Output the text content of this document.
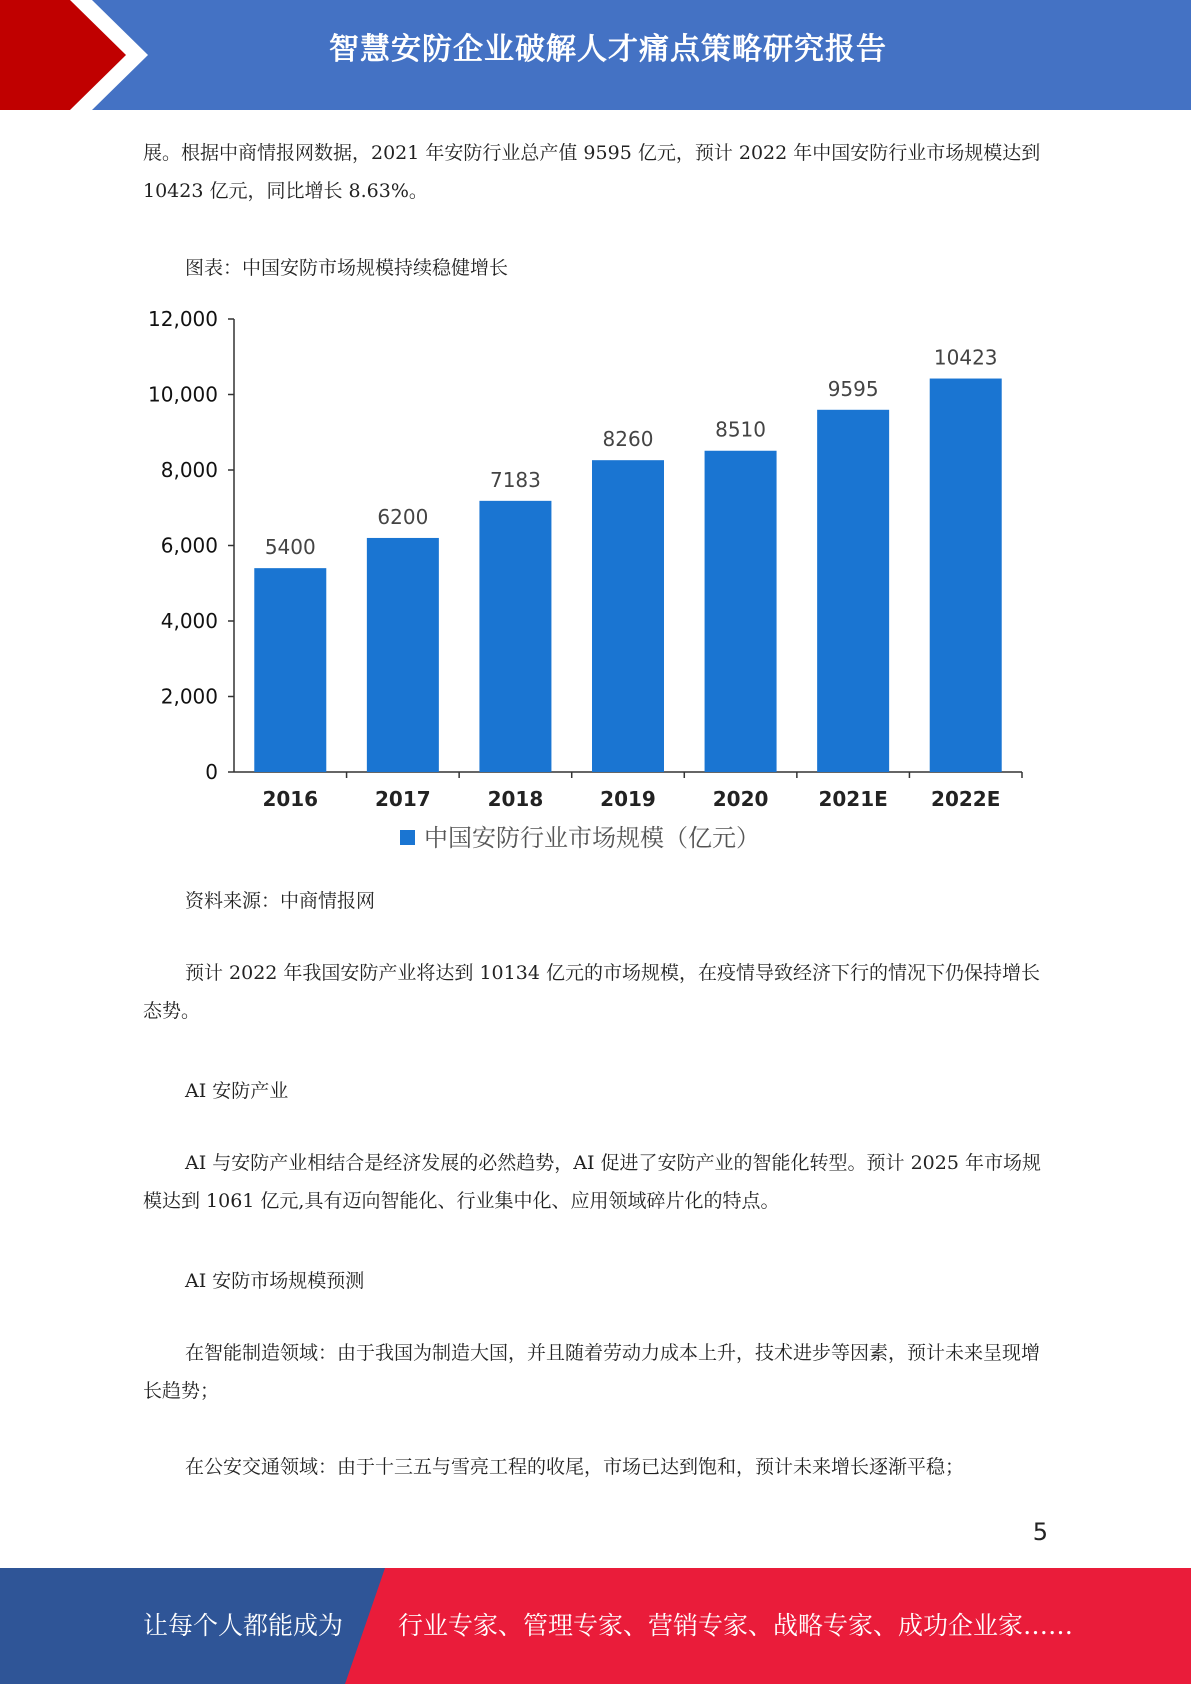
智慧安防企业破解人才痛点策略研究报告

展。根据中商情报网数据，2021 年安防行业总产值 9595 亿元，预计 2022 年中国安防行业市场规模达到 10423 亿元，同比增长 8.63%。

图表：中国安防市场规模持续稳健增长
0
2,000
4,000
6,000
8,000
10,000
12,000
5400
2016
6200
2017
7183
2018
8260
2019
8510
2020
9595
2021E
10423
2022E
中国安防行业市场规模（亿元）
资料来源：中商情报网

预计 2022 年我国安防产业将达到 10134 亿元的市场规模，在疫情导致经济下行的情况下仍保持增长态势。

AI 安防产业

AI 与安防产业相结合是经济发展的必然趋势，AI 促进了安防产业的智能化转型。预计 2025 年市场规模达到 1061 亿元,具有迈向智能化、行业集中化、应用领域碎片化的特点。

AI 安防市场规模预测

在智能制造领域：由于我国为制造大国，并且随着劳动力成本上升，技术进步等因素，预计未来呈现增长趋势；

在公安交通领域：由于十三五与雪亮工程的收尾，市场已达到饱和，预计未来增长逐渐平稳；

5
让每个人都能成为 行业专家、管理专家、营销专家、战略专家、成功企业家……
